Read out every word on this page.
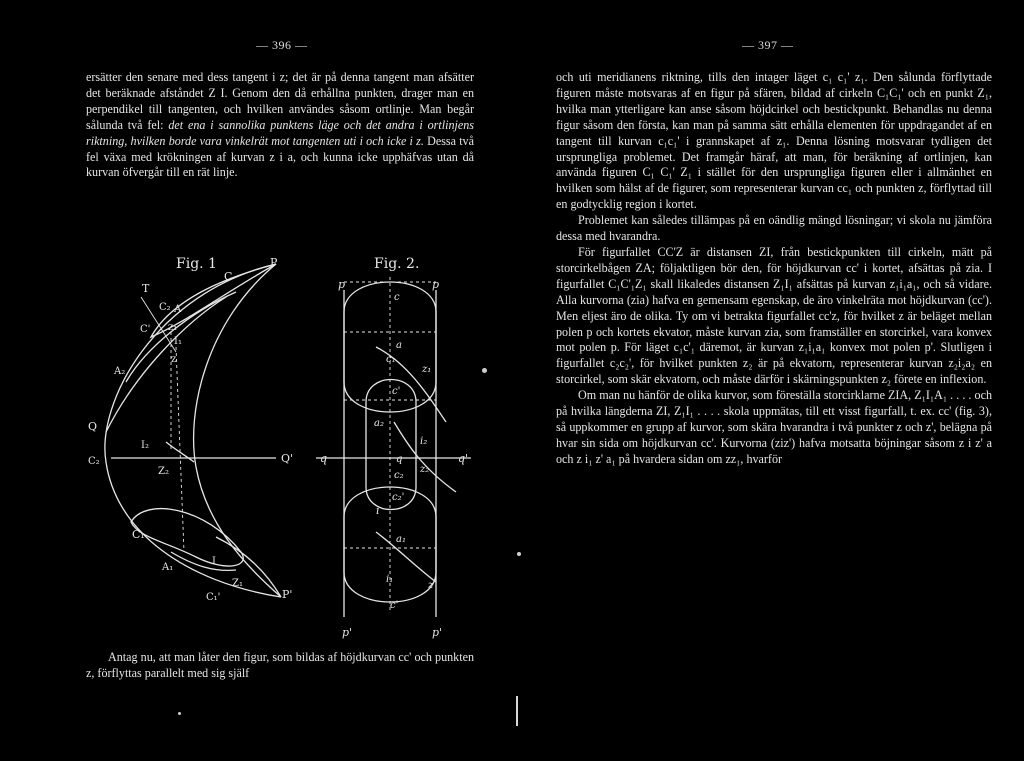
— 396 —

ersätter den senare med dess tangent i z; det är på denna tangent man afsätter det beräknade afståndet Z I. Genom den då erhållna punkten, drager man en perpendikel till tangenten, och hvilken användes såsom ortlinje. Man begår sålunda två fel: det ena i sannolika punktens läge och det andra i ortlinjens riktning, hvilken borde vara vinkelrät mot tangenten uti i och icke i z. Dessa två fel växa med krökningen af kurvan z i a, och kunna icke upphäfvas utan då kurvan öfvergår till en rät linje.

Fig. 1
T
C
P
C₂ A
C' z₁
I₁
A₂
z
Q
C₂
I₂
Z₂
Q'
C₁
A₁
I
Z₁
C₁'	P'
Fig. 2.
p	p
c
a
c₁
z₁
c'
a₂
i₂
q	q	q'
c₂
z₂
c₂'
i
a₁
i₁
z
c'
p'	p'

Antag nu, att man låter den figur, som bildas af höjdkurvan cc' och punkten z, förflyttas parallelt med sig själf

— 397 —

och uti meridianens riktning, tills den intager läget c₁ c₁' z₁. Den sålunda förflyttade figuren måste motsvaras af en figur på sfären, bildad af cirkeln C₁C₁' och en punkt Z₁, hvilka man ytterligare kan anse såsom höjdcirkel och bestickpunkt. Behandlas nu denna figur såsom den första, kan man på samma sätt erhålla elementen för uppdragandet af en tangent till kurvan c₁c₁' i grannskapet af z₁. Denna lösning motsvarar tydligen det ursprungliga problemet. Det framgår häraf, att man, för beräkning af ortlinjen, kan använda figuren C₁ C₁' Z₁ i stället för den ursprungliga figuren eller i allmänhet en hvilken som hälst af de figurer, som representerar kurvan cc₁ och punkten z, förflyttad till en godtycklig region i kortet.

Problemet kan således tillämpas på en oändlig mängd lösningar; vi skola nu jämföra dessa med hvarandra.

För figurfallet CC'Z är distansen ZI, från bestickpunkten till cirkeln, mätt på storcirkelbågen ZA; följaktligen bör den, för höjdkurvan cc' i kortet, afsättas på zia. I figurfallet C₁C'₁Z₁ skall likaledes distansen Z₁I₁ afsättas på kurvan z₁i₁a₁, och så vidare. Alla kurvorna (zia) hafva en gemensam egenskap, de äro vinkelräta mot höjdkurvan (cc'). Men eljest äro de olika. Ty om vi betrakta figurfallet cc'z, för hvilket z är beläget mellan polen p och kortets ekvator, måste kurvan zia, som framställer en storcirkel, vara konvex mot polen p. För läget c₁c'₁ däremot, är kurvan z₁i₁a₁ konvex mot polen p'. Slutligen i figurfallet c₂c₂', för hvilket punkten z₂ är på ekvatorn, representerar kurvan z₂i₂a₂ en storcirkel, som skär ekvatorn, och måste därför i skärningspunkten z₂ förete en inflexion.

Om man nu hänför de olika kurvor, som föreställa storcirklarne ZIA, Z₁I₁A₁ . . . . och på hvilka längderna ZI, Z₁I₁ . . . . skola uppmätas, till ett visst figurfall, t. ex. cc' (fig. 3), så uppkommer en grupp af kurvor, som skära hvarandra i två punkter z och z', belägna på hvar sin sida om höjdkurvan cc'. Kurvorna (ziz') hafva motsatta böjningar såsom z i z' a och z i₁ z' a₁ på hvardera sidan om zz₁, hvarför
